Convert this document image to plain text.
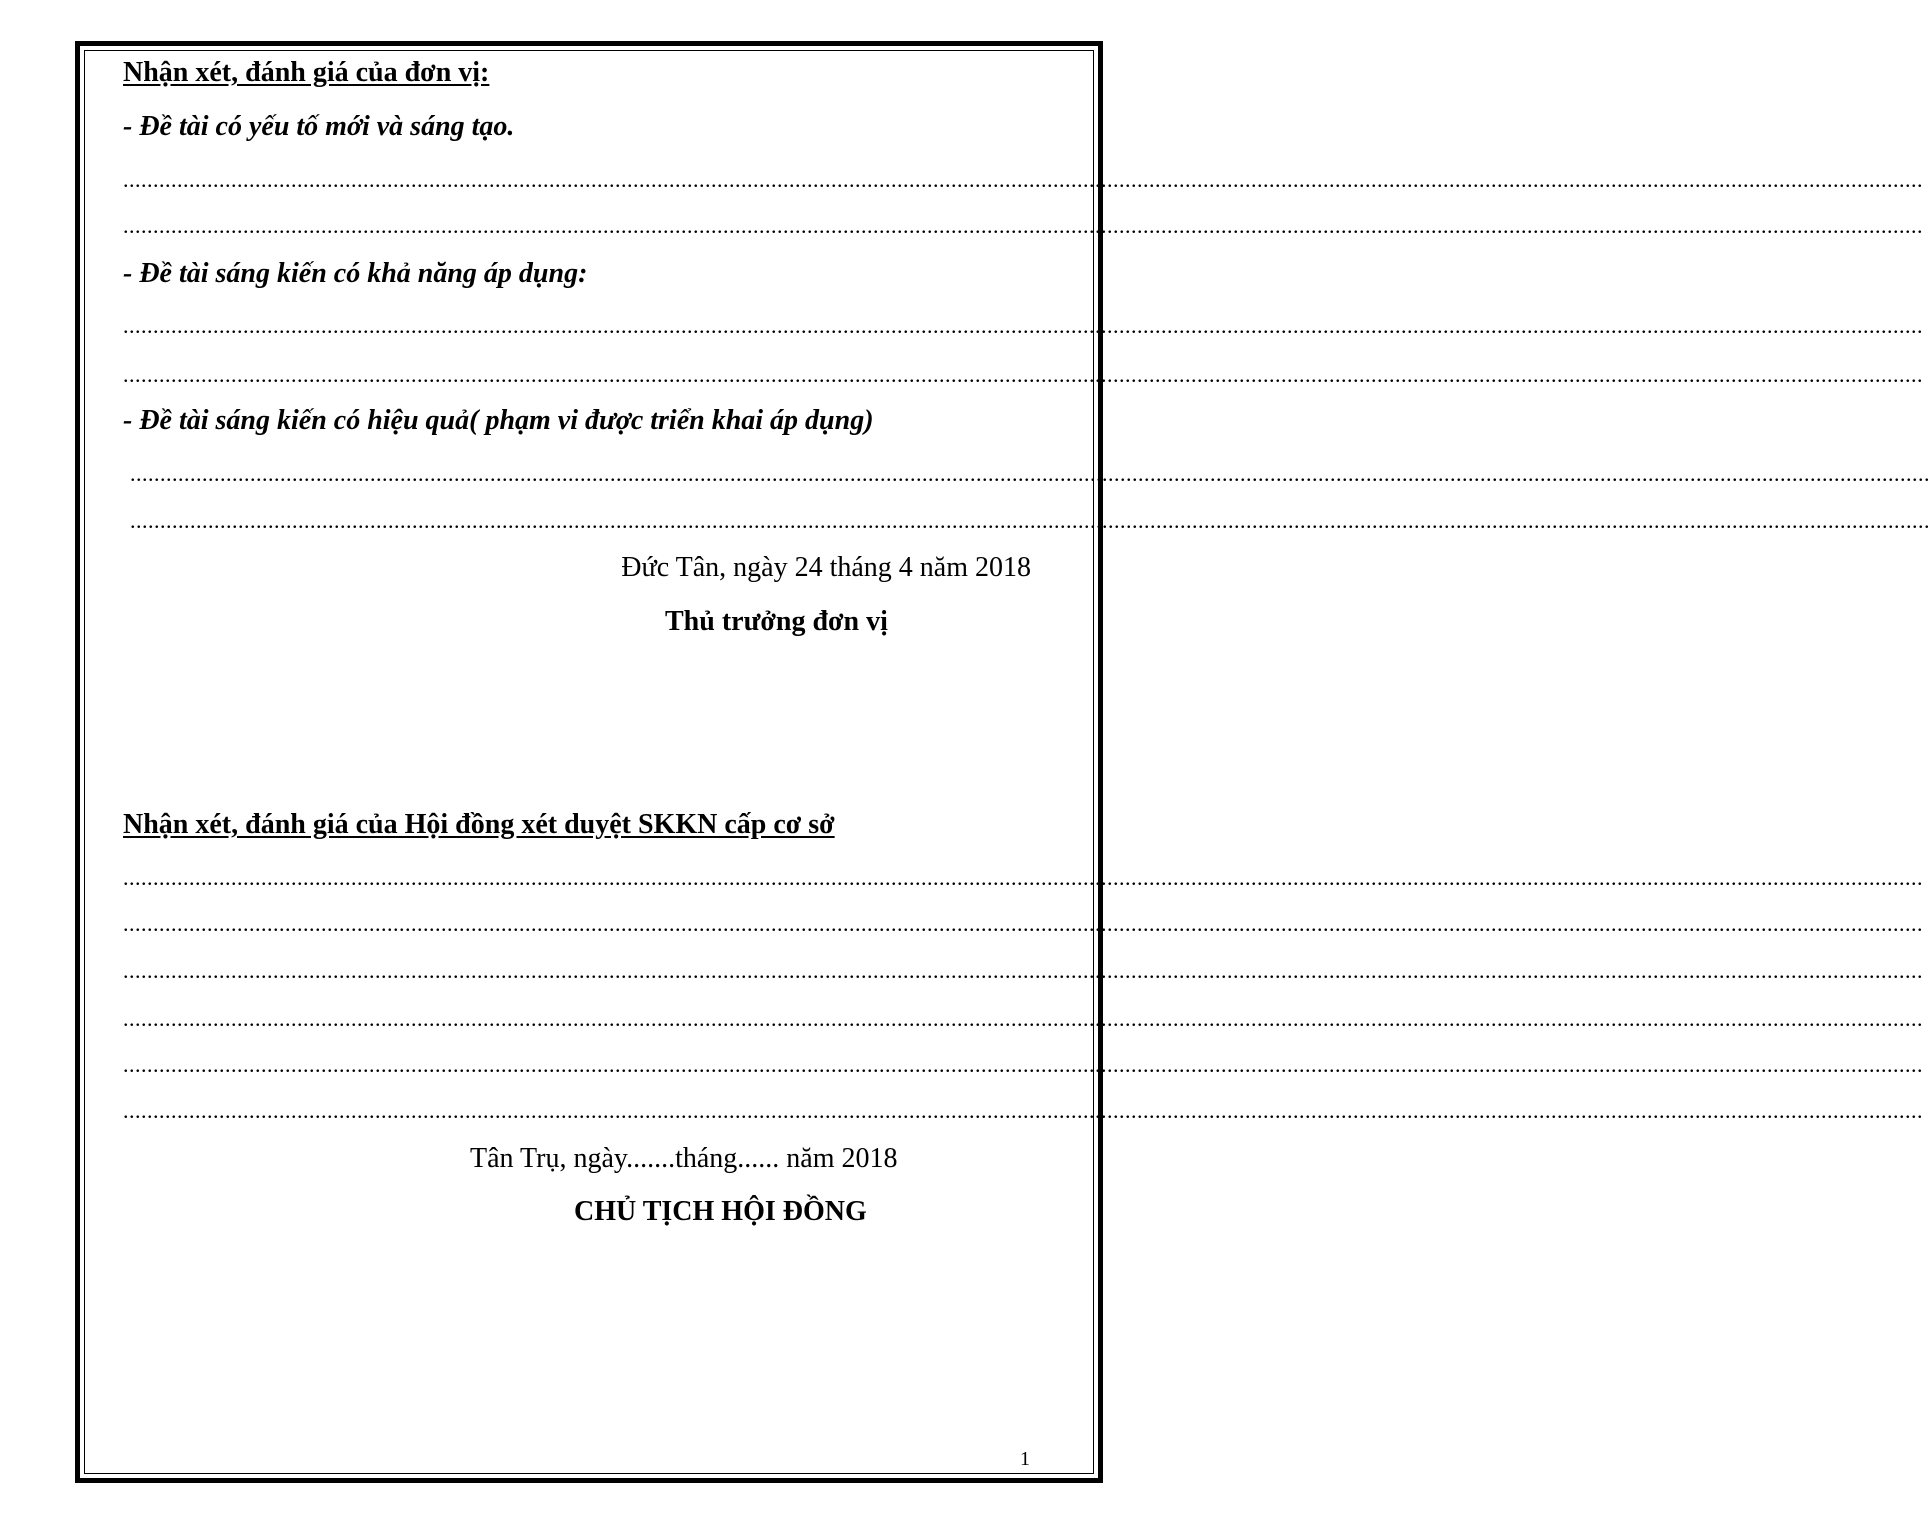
Nhận xét, đánh giá của đơn vị:
- Đề tài có yếu tố mới và sáng tạo.
............................................................................................................................................................................................................................................................................................................
............................................................................................................................................................................................................................................................................................................
- Đề tài sáng kiến có khả năng áp dụng:
............................................................................................................................................................................................................................................................................................................
............................................................................................................................................................................................................................................................................................................
- Đề tài sáng kiến có hiệu quả( phạm vi được triển khai áp dụng)
............................................................................................................................................................................................................................................................................................................
............................................................................................................................................................................................................................................................................................................
Đức Tân, ngày 24 tháng 4 năm 2018
Thủ trưởng đơn vị
Nhận xét, đánh giá của Hội đồng xét duyệt SKKN cấp cơ sở
............................................................................................................................................................................................................................................................................................................
............................................................................................................................................................................................................................................................................................................
............................................................................................................................................................................................................................................................................................................
............................................................................................................................................................................................................................................................................................................
............................................................................................................................................................................................................................................................................................................
............................................................................................................................................................................................................................................................................................................
Tân Trụ, ngày.......tháng...... năm 2018
CHỦ TỊCH HỘI ĐỒNG
1
